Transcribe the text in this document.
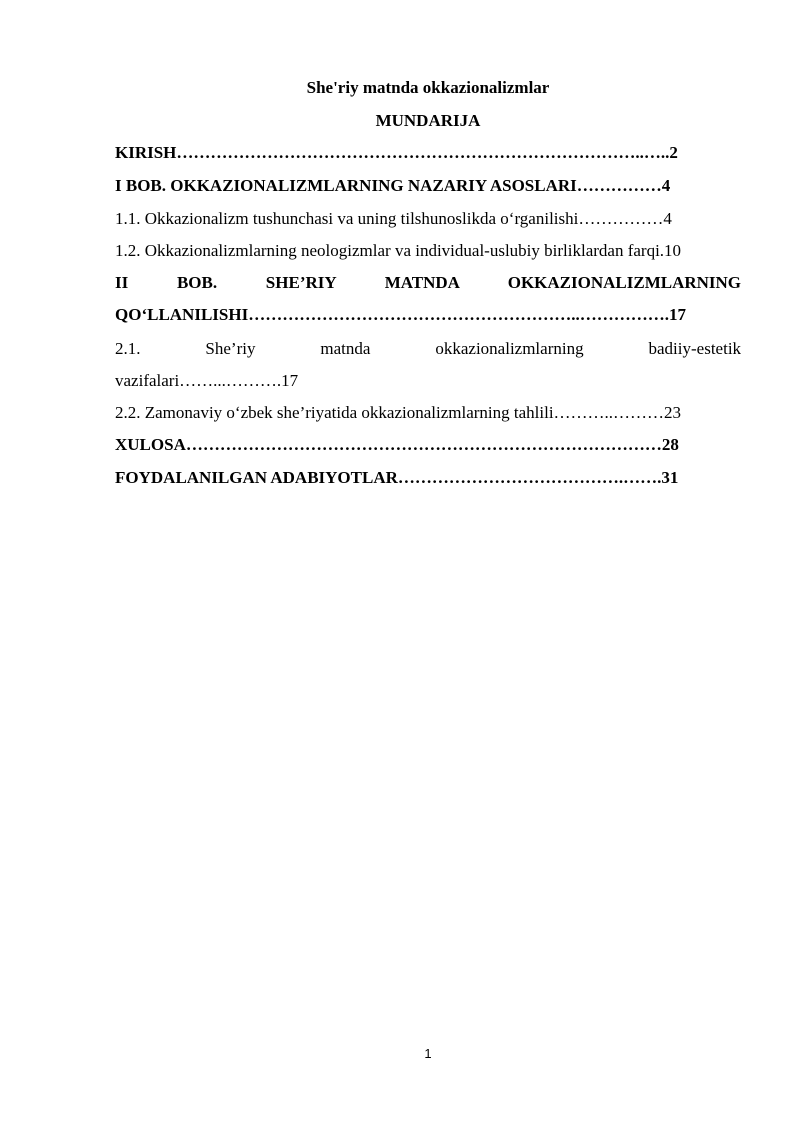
She'riy matnda okkazionalizmlar
MUNDARIJA
KIRISH………………………………………………………………………..…..2
I BOB. OKKAZIONALIZMLARNING NAZARIY ASOSLARI……………4
1.1. Okkazionalizm tushunchasi va uning tilshunoslikda o‘rganilishi……………4
1.2. Okkazionalizmlarning neologizmlar va individual-uslubiy birliklardan farqi.10
II	BOB.	SHE’RIY	MATNDA	OKKAZIONALIZMLARNING
QO‘LLANILISHI…………………………………………………..…………….17
2.1.	She’riy	matnda	okkazionalizmlarning	badiiy-estetik
vazifalari……...……….17
2.2. Zamonaviy o‘zbek she’riyatida okkazionalizmlarning tahlili………..………23
XULOSA…………………………………………………………………………28
FOYDALANILGAN ADABIYOTLAR………………………………….…….31
1
